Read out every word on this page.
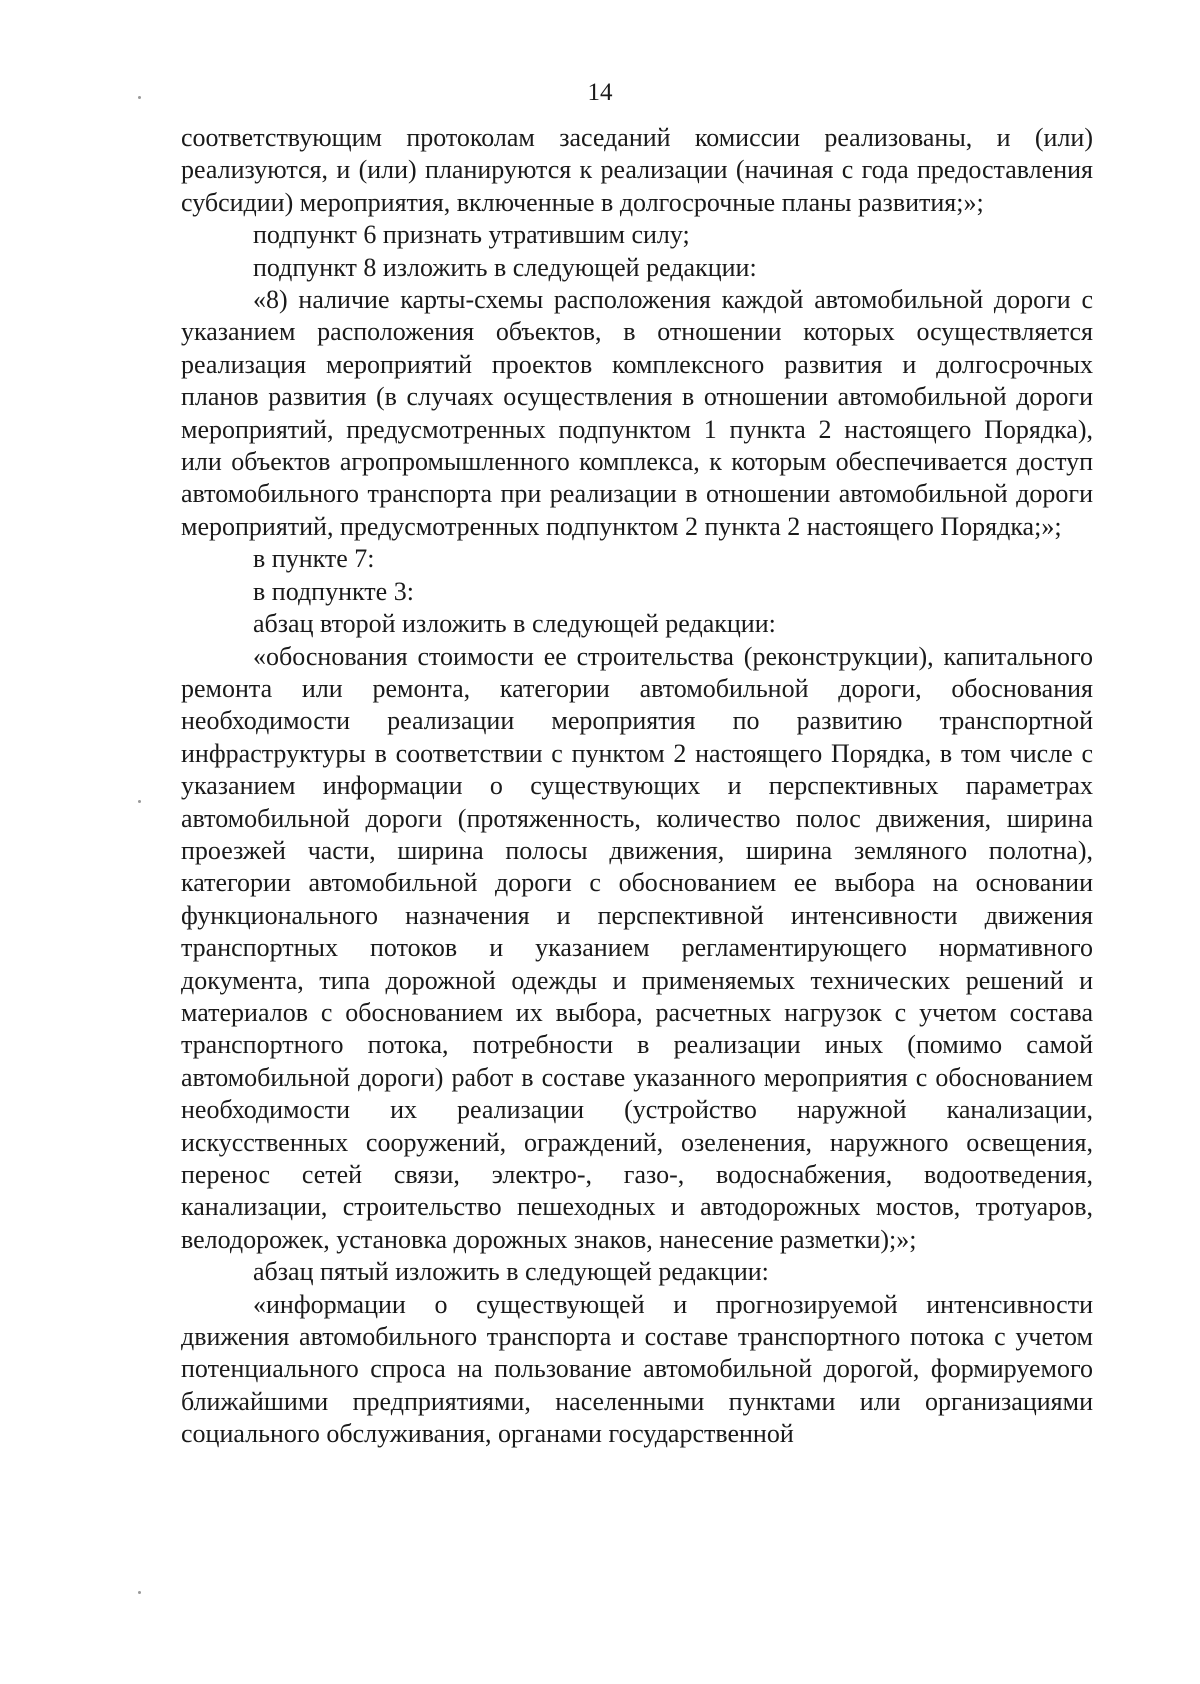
14

соответствующим протоколам заседаний комиссии реализованы, и (или) реализуются, и (или) планируются к реализации (начиная с года предоставления субсидии) мероприятия, включенные в долгосрочные планы развития;»;

подпункт 6 признать утратившим силу;

подпункт 8 изложить в следующей редакции:

«8) наличие карты-схемы расположения каждой автомобильной дороги с указанием расположения объектов, в отношении которых осуществляется реализация мероприятий проектов комплексного развития и долгосрочных планов развития (в случаях осуществления в отношении автомобильной дороги мероприятий, предусмотренных подпунктом 1 пункта 2 настоящего Порядка), или объектов агропромышленного комплекса, к которым обеспечивается доступ автомобильного транспорта при реализации в отношении автомобильной дороги мероприятий, предусмотренных подпунктом 2 пункта 2 настоящего Порядка;»;

в пункте 7:

в подпункте 3:

абзац второй изложить в следующей редакции:

«обоснования стоимости ее строительства (реконструкции), капитального ремонта или ремонта, категории автомобильной дороги, обоснования необходимости реализации мероприятия по развитию транспортной инфраструктуры в соответствии с пунктом 2 настоящего Порядка, в том числе с указанием информации о существующих и перспективных параметрах автомобильной дороги (протяженность, количество полос движения, ширина проезжей части, ширина полосы движения, ширина земляного полотна), категории автомобильной дороги с обоснованием ее выбора на основании функционального назначения и перспективной интенсивности движения транспортных потоков и указанием регламентирующего нормативного документа, типа дорожной одежды и применяемых технических решений и материалов с обоснованием их выбора, расчетных нагрузок с учетом состава транспортного потока, потребности в реализации иных (помимо самой автомобильной дороги) работ в составе указанного мероприятия с обоснованием необходимости их реализации (устройство наружной канализации, искусственных сооружений, ограждений, озеленения, наружного освещения, перенос сетей связи, электро-, газо-, водоснабжения, водоотведения, канализации, строительство пешеходных и автодорожных мостов, тротуаров, велодорожек, установка дорожных знаков, нанесение разметки);»;

абзац пятый изложить в следующей редакции:

«информации о существующей и прогнозируемой интенсивности движения автомобильного транспорта и составе транспортного потока с учетом потенциального спроса на пользование автомобильной дорогой, формируемого ближайшими предприятиями, населенными пунктами или организациями социального обслуживания, органами государственной
